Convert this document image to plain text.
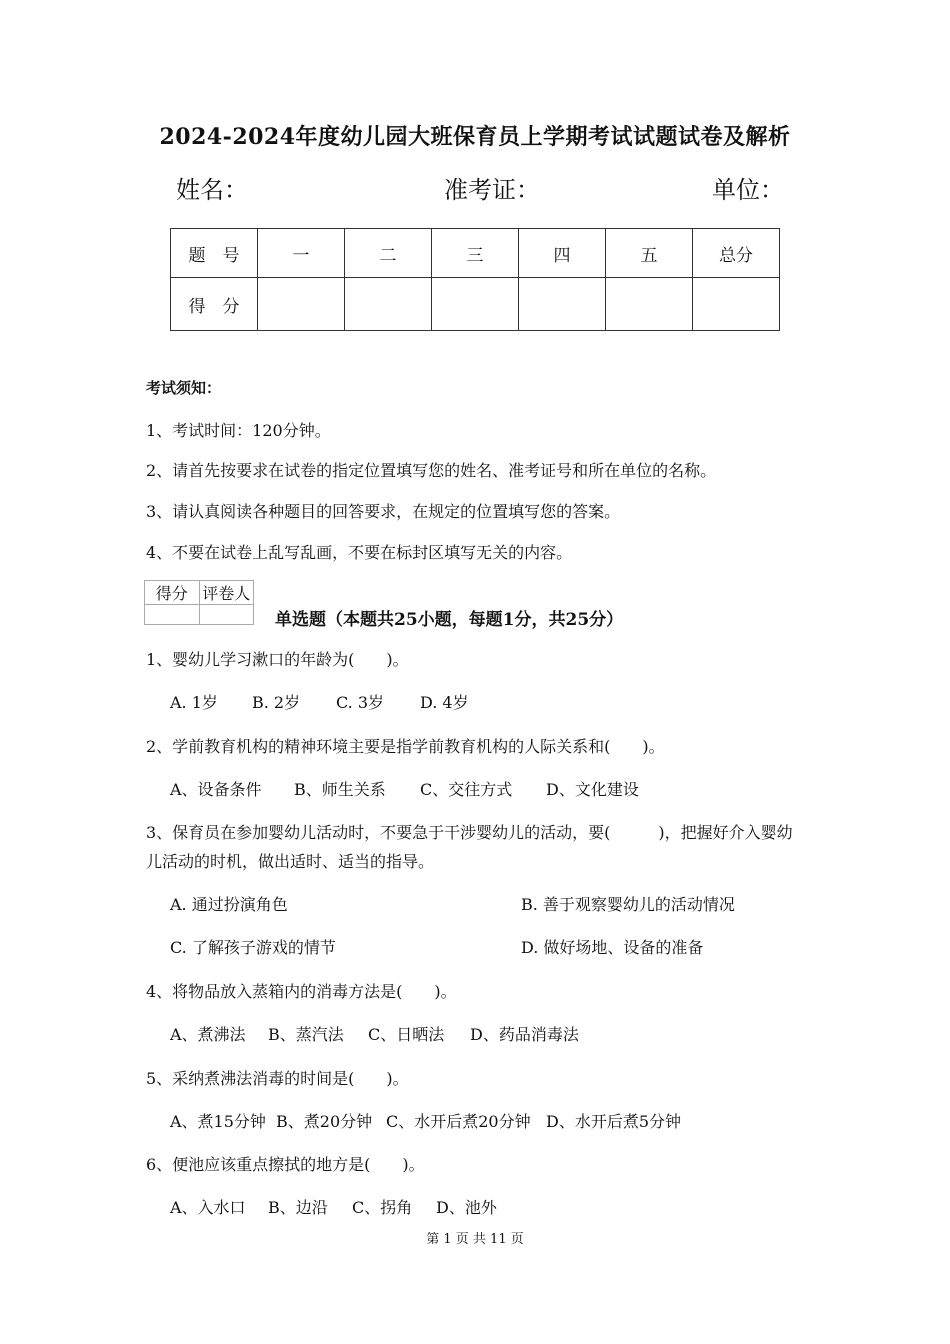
2024-2024年度幼儿园大班保育员上学期考试试题试卷及解析
姓名：	准考证：	单位：
题　号	一	二	三	四	五	总分
得　分						
考试须知：
1、考试时间：120分钟。
2、请首先按要求在试卷的指定位置填写您的姓名、准考证号和所在单位的名称。
3、请认真阅读各种题目的回答要求，在规定的位置填写您的答案。
4、不要在试卷上乱写乱画，不要在标封区填写无关的内容。
得分	评卷人

单选题（本题共25小题，每题1分，共25分）
1、婴幼儿学习漱口的年龄为(　　)。
A. 1岁 B. 2岁 C. 3岁 D. 4岁
2、学前教育机构的精神环境主要是指学前教育机构的人际关系和(　　)。
A、设备条件 B、师生关系 C、交往方式 D、文化建设
3、保育员在参加婴幼儿活动时，不要急于干涉婴幼儿的活动，要(　　　)，把握好介入婴幼
儿活动的时机，做出适时、适当的指导。
A. 通过扮演角色	B. 善于观察婴幼儿的活动情况
C. 了解孩子游戏的情节	D. 做好场地、设备的准备
4、将物品放入蒸箱内的消毒方法是(　　)。
A、煮沸法 B、蒸汽法 C、日晒法 D、药品消毒法
5、采纳煮沸法消毒的时间是(　　)。
A、煮15分钟 B、煮20分钟 C、水开后煮20分钟 D、水开后煮5分钟
6、便池应该重点擦拭的地方是(　　)。
A、入水口 B、边沿 C、拐角 D、池外
第 1 页 共 11 页
